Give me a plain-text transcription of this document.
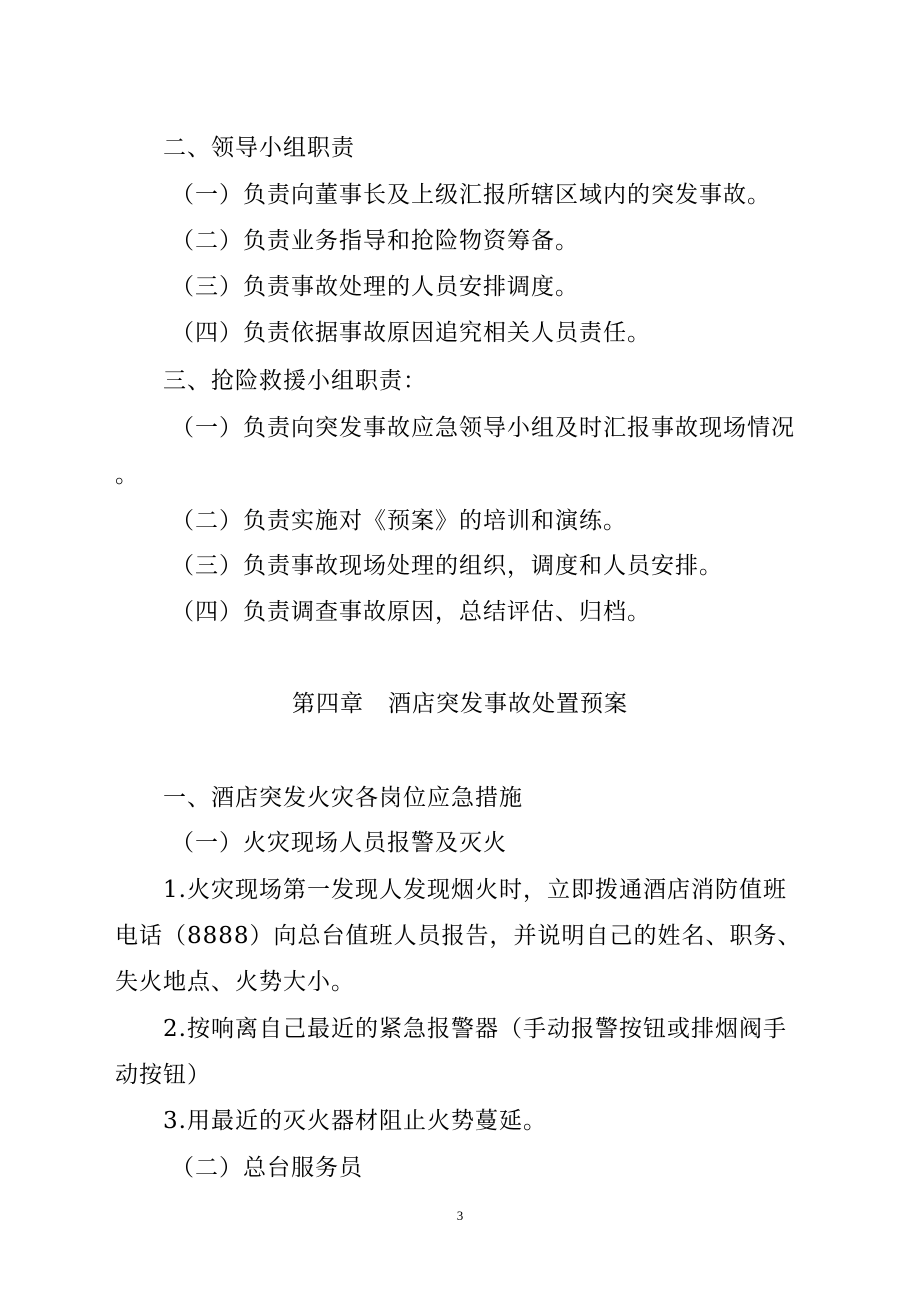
二、领导小组职责
（一）负责向董事长及上级汇报所辖区域内的突发事故。
（二）负责业务指导和抢险物资筹备。
（三）负责事故处理的人员安排调度。
（四）负责依据事故原因追究相关人员责任。
三、抢险救援小组职责：
（一）负责向突发事故应急领导小组及时汇报事故现场情况
。
（二）负责实施对《预案》的培训和演练。
（三）负责事故现场处理的组织，调度和人员安排。
（四）负责调查事故原因，总结评估、归档。
第四章　酒店突发事故处置预案
一、酒店突发火灾各岗位应急措施
（一）火灾现场人员报警及灭火
1.火灾现场第一发现人发现烟火时，立即拨通酒店消防值班
电话（8888）向总台值班人员报告，并说明自己的姓名、职务、
失火地点、火势大小。
2.按响离自己最近的紧急报警器（手动报警按钮或排烟阀手
动按钮）
3.用最近的灭火器材阻止火势蔓延。
（二）总台服务员
3
